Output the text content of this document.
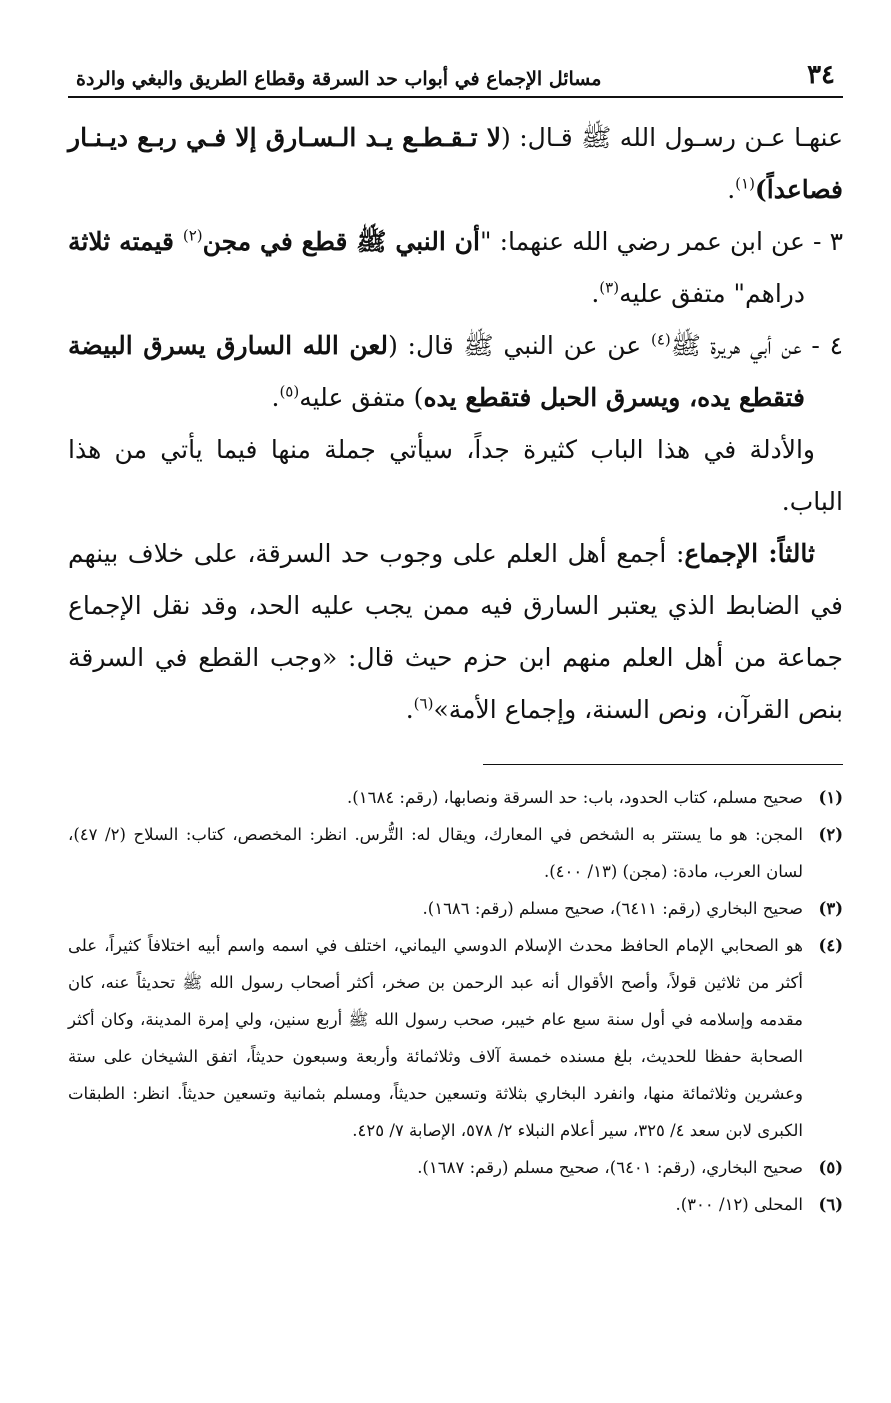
٣٤
مسائل الإجماع في أبواب حد السرقة وقطاع الطريق والبغي والردة

عنهـا عـن رسـول الله ﷺ قـال: (لا تـقـطـع يـد الـسـارق إلا فـي ربـع ديـنـار فصاعداً)$^{(١)}$.

٣ - عن ابن عمر رضي الله عنهما: "أن النبي ﷺ قطع في مجن$^{(٢)}$ قيمته ثلاثة دراهم" متفق عليه$^{(٣)}$.

٤ - عن أبي هريرة ﷺ$^{(٤)}$ عن عن النبي ﷺ قال: (لعن الله السارق يسرق البيضة فتقطع يده، ويسرق الحبل فتقطع يده) متفق عليه$^{(٥)}$.

والأدلة في هذا الباب كثيرة جداً، سيأتي جملة منها فيما يأتي من هذا الباب.

ثالثاً: الإجماع: أجمع أهل العلم على وجوب حد السرقة، على خلاف بينهم في الضابط الذي يعتبر السارق فيه ممن يجب عليه الحد، وقد نقل الإجماع جماعة من أهل العلم منهم ابن حزم حيث قال: «وجب القطع في السرقة بنص القرآن، ونص السنة، وإجماع الأمة»$^{(٦)}$.

(١)
صحيح مسلم، كتاب الحدود، باب: حد السرقة ونصابها، (رقم: ١٦٨٤).

(٢)
المجن: هو ما يستتر به الشخص في المعارك، ويقال له: التُّرس. انظر: المخصص، كتاب: السلاح (٢/ ٤٧)، لسان العرب، مادة: (مجن) (١٣/ ٤٠٠).

(٣)
صحيح البخاري (رقم: ٦٤١١)، صحيح مسلم (رقم: ١٦٨٦).

(٤)
هو الصحابي الإمام الحافظ محدث الإسلام الدوسي اليماني، اختلف في اسمه واسم أبيه اختلافاً كثيراً، على أكثر من ثلاثين قولاً، وأصح الأقوال أنه عبد الرحمن بن صخر، أكثر أصحاب رسول الله ﷺ تحديثاً عنه، كان مقدمه وإسلامه في أول سنة سبع عام خيبر، صحب رسول الله ﷺ أربع سنين، ولي إمرة المدينة، وكان أكثر الصحابة حفظا للحديث، بلغ مسنده خمسة آلاف وثلاثمائة وأربعة وسبعون حديثاً، اتفق الشيخان على ستة وعشرين وثلاثمائة منها، وانفرد البخاري بثلاثة وتسعين حديثاً، ومسلم بثمانية وتسعين حديثاً. انظر: الطبقات الكبرى لابن سعد ٤/ ٣٢٥، سير أعلام النبلاء ٢/ ٥٧٨، الإصابة ٧/ ٤٢٥.

(٥)
صحيح البخاري، (رقم: ٦٤٠١)، صحيح مسلم (رقم: ١٦٨٧).

(٦)
المحلى (١٢/ ٣٠٠).
